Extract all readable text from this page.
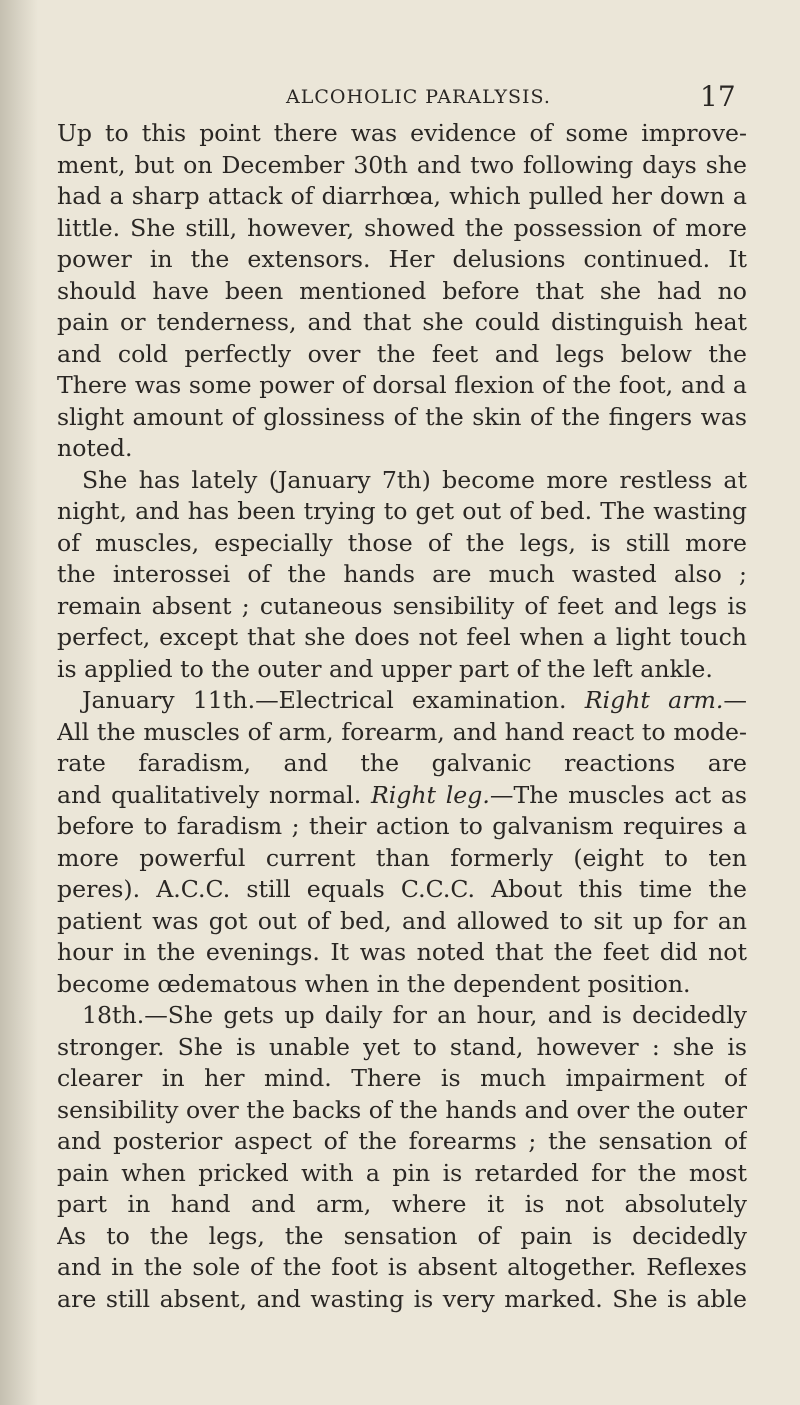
ALCOHOLIC PARALYSIS.	17
Up to this point there was evidence of some improve-
ment, but on December 30th and two following days she
had a sharp attack of diarrhœa, which pulled her down a
little. She still, however, showed the possession of more
power in the extensors. Her delusions continued. It
should have been mentioned before that she had no
pain or tenderness, and that she could distinguish heat
and cold perfectly over the feet and legs below the
There was some power of dorsal flexion of the foot, and a
slight amount of glossiness of the skin of the fingers was
noted.
She has lately (January 7th) become more restless at
night, and has been trying to get out of bed. The wasting
of muscles, especially those of the legs, is still more
the interossei of the hands are much wasted also ;
remain absent ; cutaneous sensibility of feet and legs is
perfect, except that she does not feel when a light touch
is applied to the outer and upper part of the left ankle.
January 11th.—Electrical examination. Right arm.—
All the muscles of arm, forearm, and hand react to mode-
rate faradism, and the galvanic reactions are
and qualitatively normal. Right leg.—The muscles act as
before to faradism ; their action to galvanism requires a
more powerful current than formerly (eight to ten
peres). A.C.C. still equals C.C.C. About this time the
patient was got out of bed, and allowed to sit up for an
hour in the evenings. It was noted that the feet did not
become œdematous when in the dependent position.
18th.—She gets up daily for an hour, and is decidedly
stronger. She is unable yet to stand, however : she is
clearer in her mind. There is much impairment of
sensibility over the backs of the hands and over the outer
and posterior aspect of the forearms ; the sensation of
pain when pricked with a pin is retarded for the most
part in hand and arm, where it is not absolutely
As to the legs, the sensation of pain is decidedly
and in the sole of the foot is absent altogether. Reflexes
are still absent, and wasting is very marked. She is able
